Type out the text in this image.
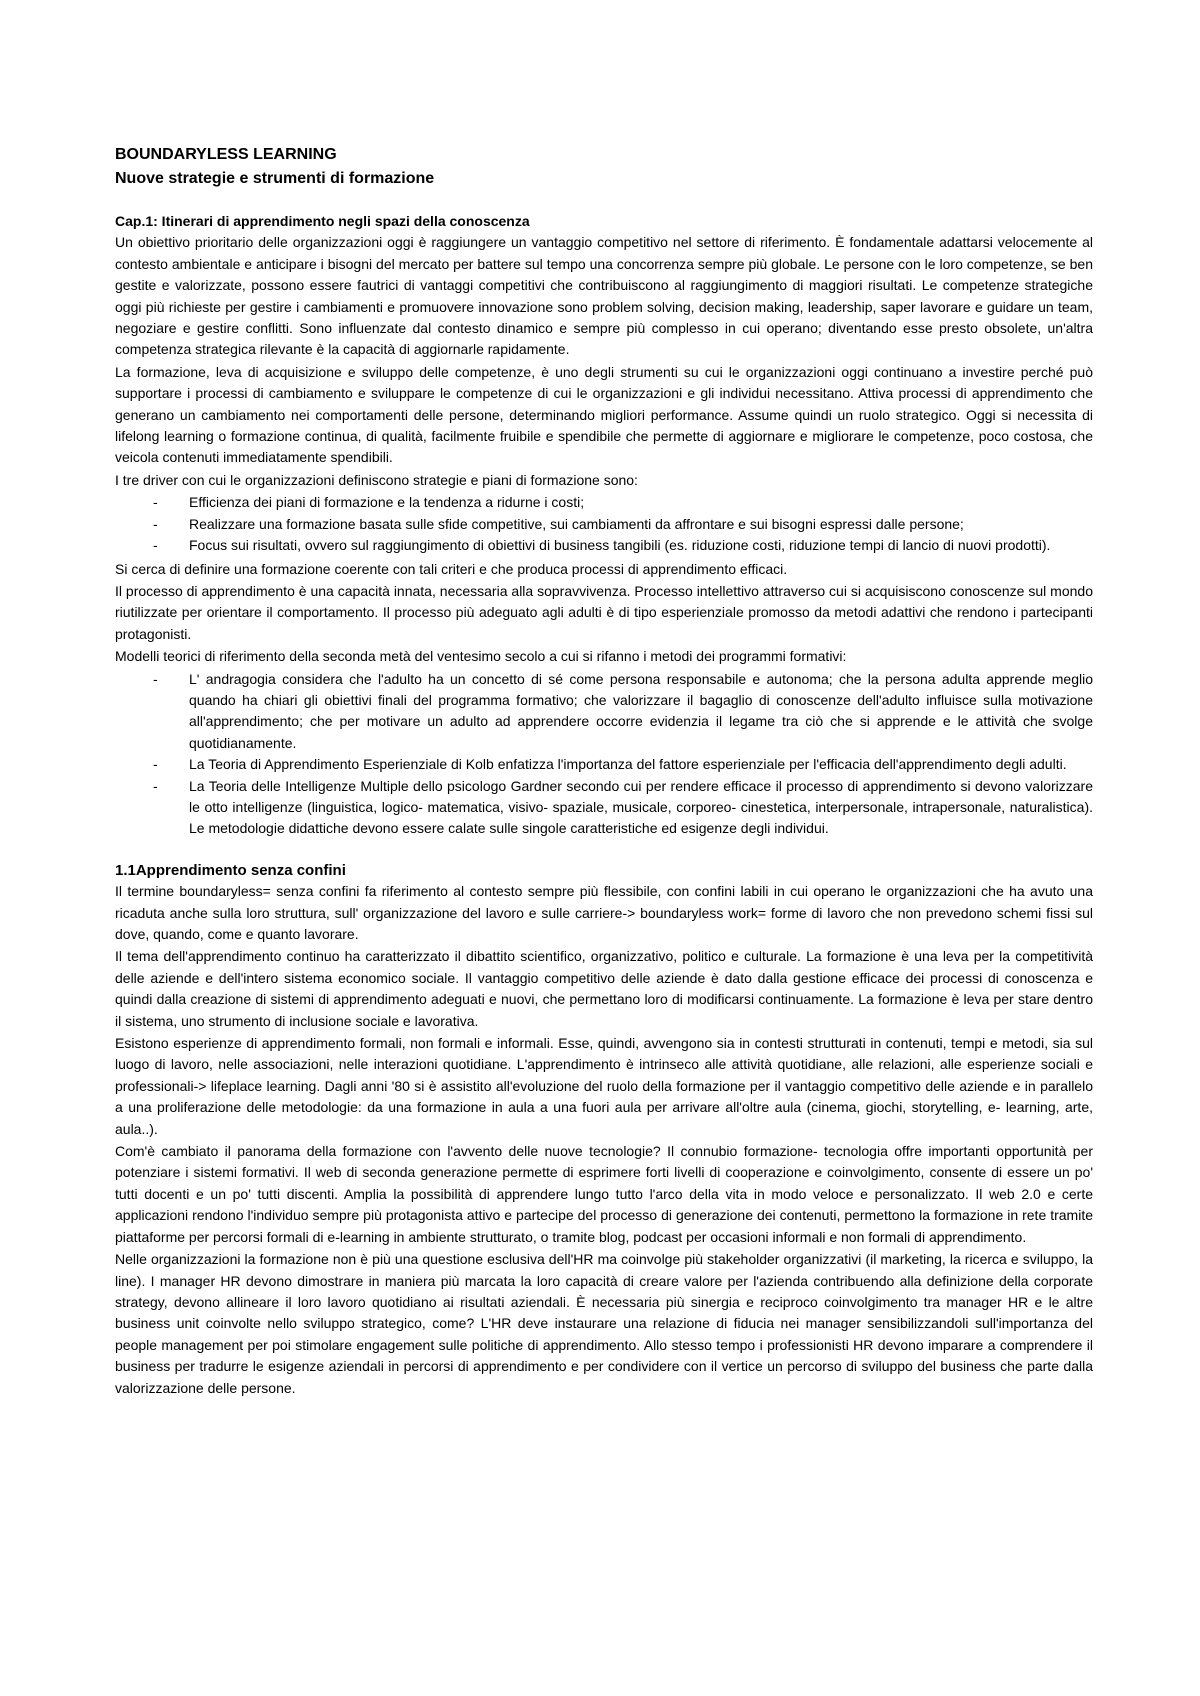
BOUNDARYLESS LEARNING
Nuove strategie e strumenti di formazione
Cap.1: Itinerari di apprendimento negli spazi della conoscenza

Un obiettivo prioritario delle organizzazioni oggi è raggiungere un vantaggio competitivo nel settore di riferimento. È fondamentale adattarsi velocemente al contesto ambientale e anticipare i bisogni del mercato per battere sul tempo una concorrenza sempre più globale. Le persone con le loro competenze, se ben gestite e valorizzate, possono essere fautrici di vantaggi competitivi che contribuiscono al raggiungimento di maggiori risultati. Le competenze strategiche oggi più richieste per gestire i cambiamenti e promuovere innovazione sono problem solving, decision making, leadership, saper lavorare e guidare un team, negoziare e gestire conflitti. Sono influenzate dal contesto dinamico e sempre più complesso in cui operano; diventando esse presto obsolete, un'altra competenza strategica rilevante è la capacità di aggiornarle rapidamente.

La formazione, leva di acquisizione e sviluppo delle competenze, è uno degli strumenti su cui le organizzazioni oggi continuano a investire perché può supportare i processi di cambiamento e sviluppare le competenze di cui le organizzazioni e gli individui necessitano. Attiva processi di apprendimento che generano un cambiamento nei comportamenti delle persone, determinando migliori performance. Assume quindi un ruolo strategico. Oggi si necessita di lifelong learning o formazione continua, di qualità, facilmente fruibile e spendibile che permette di aggiornare e migliorare le competenze, poco costosa, che veicola contenuti immediatamente spendibili.

I tre driver con cui le organizzazioni definiscono strategie e piani di formazione sono:

- Efficienza dei piani di formazione e la tendenza a ridurne i costi;
- Realizzare una formazione basata sulle sfide competitive, sui cambiamenti da affrontare e sui bisogni espressi dalle persone;
- Focus sui risultati, ovvero sul raggiungimento di obiettivi di business tangibili (es. riduzione costi, riduzione tempi di lancio di nuovi prodotti).

Si cerca di definire una formazione coerente con tali criteri e che produca processi di apprendimento efficaci.

Il processo di apprendimento è una capacità innata, necessaria alla sopravvivenza. Processo intellettivo attraverso cui si acquisiscono conoscenze sul mondo riutilizzate per orientare il comportamento. Il processo più adeguato agli adulti è di tipo esperienziale promosso da metodi adattivi che rendono i partecipanti protagonisti.

Modelli teorici di riferimento della seconda metà del ventesimo secolo a cui si rifanno i metodi dei programmi formativi:

- L' andragogia considera che l'adulto ha un concetto di sé come persona responsabile e autonoma; che la persona adulta apprende meglio quando ha chiari gli obiettivi finali del programma formativo; che valorizzare il bagaglio di conoscenze dell'adulto influisce sulla motivazione all'apprendimento; che per motivare un adulto ad apprendere occorre evidenzia il legame tra ciò che si apprende e le attività che svolge quotidianamente.
- La Teoria di Apprendimento Esperienziale di Kolb enfatizza l'importanza del fattore esperienziale per l'efficacia dell'apprendimento degli adulti.
- La Teoria delle Intelligenze Multiple dello psicologo Gardner secondo cui per rendere efficace il processo di apprendimento si devono valorizzare le otto intelligenze (linguistica, logico- matematica, visivo- spaziale, musicale, corporeo- cinestetica, interpersonale, intrapersonale, naturalistica). Le metodologie didattiche devono essere calate sulle singole caratteristiche ed esigenze degli individui.
1.1Apprendimento senza confini

Il termine boundaryless= senza confini fa riferimento al contesto sempre più flessibile, con confini labili in cui operano le organizzazioni che ha avuto una ricaduta anche sulla loro struttura, sull' organizzazione del lavoro e sulle carriere-> boundaryless work= forme di lavoro che non prevedono schemi fissi sul dove, quando, come e quanto lavorare.

Il tema dell'apprendimento continuo ha caratterizzato il dibattito scientifico, organizzativo, politico e culturale. La formazione è una leva per la competitività delle aziende e dell'intero sistema economico sociale. Il vantaggio competitivo delle aziende è dato dalla gestione efficace dei processi di conoscenza e quindi dalla creazione di sistemi di apprendimento adeguati e nuovi, che permettano loro di modificarsi continuamente. La formazione è leva per stare dentro il sistema, uno strumento di inclusione sociale e lavorativa.

Esistono esperienze di apprendimento formali, non formali e informali. Esse, quindi, avvengono sia in contesti strutturati in contenuti, tempi e metodi, sia sul luogo di lavoro, nelle associazioni, nelle interazioni quotidiane. L'apprendimento è intrinseco alle attività quotidiane, alle relazioni, alle esperienze sociali e professionali-> lifeplace learning. Dagli anni '80 si è assistito all'evoluzione del ruolo della formazione per il vantaggio competitivo delle aziende e in parallelo a una proliferazione delle metodologie: da una formazione in aula a una fuori aula per arrivare all'oltre aula (cinema, giochi, storytelling, e- learning, arte, aula..).

Com'è cambiato il panorama della formazione con l'avvento delle nuove tecnologie? Il connubio formazione- tecnologia offre importanti opportunità per potenziare i sistemi formativi. Il web di seconda generazione permette di esprimere forti livelli di cooperazione e coinvolgimento, consente di essere un po' tutti docenti e un po' tutti discenti. Amplia la possibilità di apprendere lungo tutto l'arco della vita in modo veloce e personalizzato. Il web 2.0 e certe applicazioni rendono l'individuo sempre più protagonista attivo e partecipe del processo di generazione dei contenuti, permettono la formazione in rete tramite piattaforme per percorsi formali di e-learning in ambiente strutturato, o tramite blog, podcast per occasioni informali e non formali di apprendimento.

Nelle organizzazioni la formazione non è più una questione esclusiva dell'HR ma coinvolge più stakeholder organizzativi (il marketing, la ricerca e sviluppo, la line). I manager HR devono dimostrare in maniera più marcata la loro capacità di creare valore per l'azienda contribuendo alla definizione della corporate strategy, devono allineare il loro lavoro quotidiano ai risultati aziendali. È necessaria più sinergia e reciproco coinvolgimento tra manager HR e le altre business unit coinvolte nello sviluppo strategico, come? L'HR deve instaurare una relazione di fiducia nei manager sensibilizzandoli sull'importanza del people management per poi stimolare engagement sulle politiche di apprendimento. Allo stesso tempo i professionisti HR devono imparare a comprendere il business per tradurre le esigenze aziendali in percorsi di apprendimento e per condividere con il vertice un percorso di sviluppo del business che parte dalla valorizzazione delle persone.
